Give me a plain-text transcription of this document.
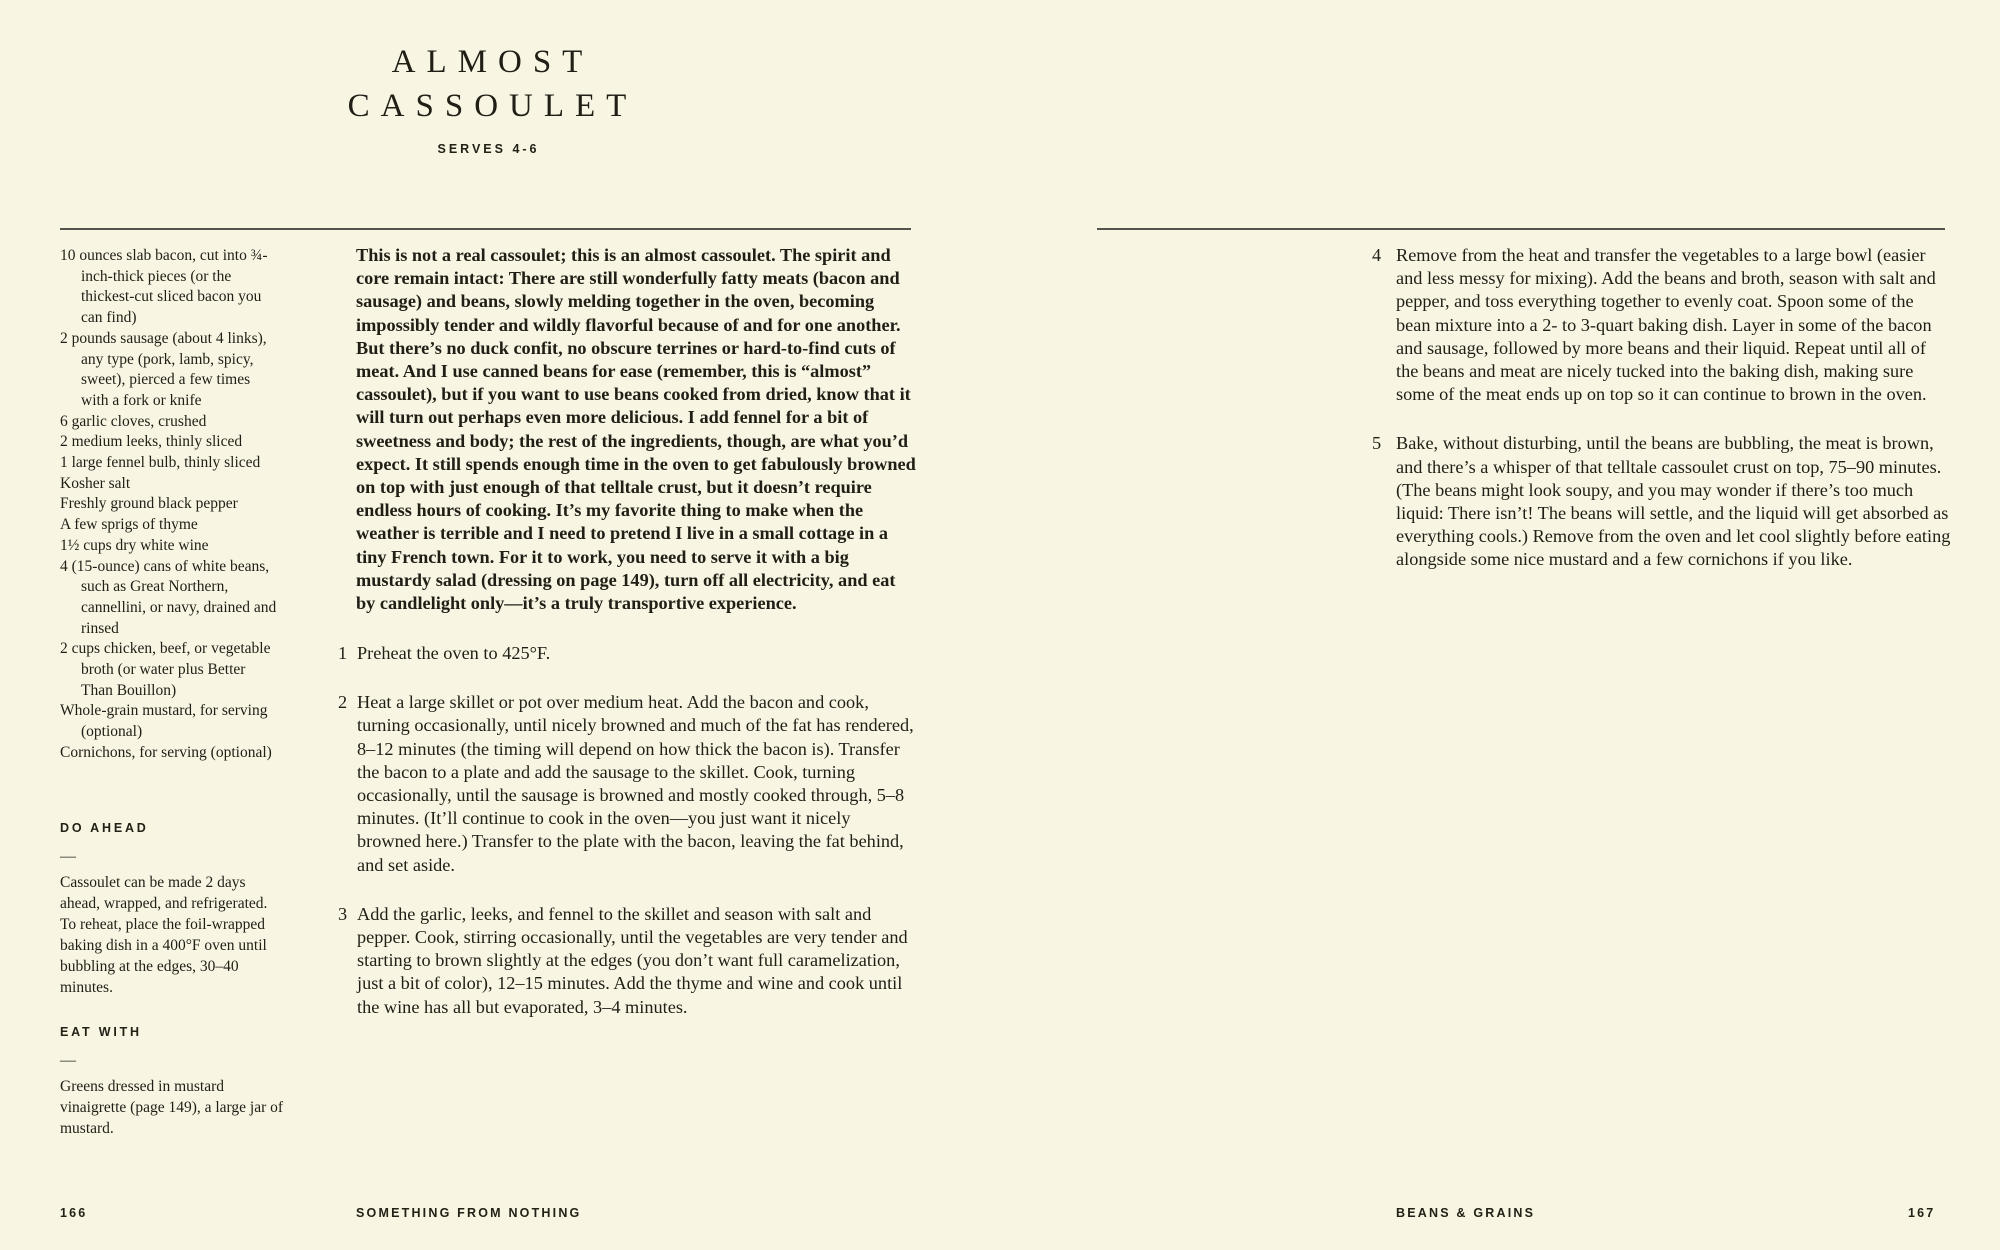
ALMOST
CASSOULET
SERVES 4-6
10 ounces slab bacon, cut into ¾-inch-thick pieces (or the thickest-cut sliced bacon you can find)
2 pounds sausage (about 4 links), any type (pork, lamb, spicy, sweet), pierced a few times with a fork or knife
6 garlic cloves, crushed
2 medium leeks, thinly sliced
1 large fennel bulb, thinly sliced
Kosher salt
Freshly ground black pepper
A few sprigs of thyme
1½ cups dry white wine
4 (15-ounce) cans of white beans, such as Great Northern, cannellini, or navy, drained and rinsed
2 cups chicken, beef, or vegetable broth (or water plus Better Than Bouillon)
Whole-grain mustard, for serving (optional)
Cornichons, for serving (optional)
DO AHEAD
—
Cassoulet can be made 2 days ahead, wrapped, and refrigerated. To reheat, place the foil-wrapped baking dish in a 400°F oven until bubbling at the edges, 30–40 minutes.
EAT WITH
—
Greens dressed in mustard vinaigrette (page 149), a large jar of mustard.

This is not a real cassoulet; this is an almost cassoulet. The spirit and core remain intact: There are still wonderfully fatty meats (bacon and sausage) and beans, slowly melding together in the oven, becoming impossibly tender and wildly flavorful because of and for one another. But there’s no duck confit, no obscure terrines or hard-to-find cuts of meat. And I use canned beans for ease (remember, this is “almost” cassoulet), but if you want to use beans cooked from dried, know that it will turn out perhaps even more delicious. I add fennel for a bit of sweetness and body; the rest of the ingredients, though, are what you’d expect. It still spends enough time in the oven to get fabulously browned on top with just enough of that telltale crust, but it doesn’t require endless hours of cooking. It’s my favorite thing to make when the weather is terrible and I need to pretend I live in a small cottage in a tiny French town. For it to work, you need to serve it with a big mustardy salad (dressing on page 149), turn off all electricity, and eat by candlelight only—it’s a truly transportive experience.

1 Preheat the oven to 425°F.

2 Heat a large skillet or pot over medium heat. Add the bacon and cook, turning occasionally, until nicely browned and much of the fat has rendered, 8–12 minutes (the timing will depend on how thick the bacon is). Transfer the bacon to a plate and add the sausage to the skillet. Cook, turning occasionally, until the sausage is browned and mostly cooked through, 5–8 minutes. (It’ll continue to cook in the oven—you just want it nicely browned here.) Transfer to the plate with the bacon, leaving the fat behind, and set aside.

3 Add the garlic, leeks, and fennel to the skillet and season with salt and pepper. Cook, stirring occasionally, until the vegetables are very tender and starting to brown slightly at the edges (you don’t want full caramelization, just a bit of color), 12–15 minutes. Add the thyme and wine and cook until the wine has all but evaporated, 3–4 minutes.

166	SOMETHING FROM NOTHING
4 Remove from the heat and transfer the vegetables to a large bowl (easier and less messy for mixing). Add the beans and broth, season with salt and pepper, and toss everything together to evenly coat. Spoon some of the bean mixture into a 2- to 3-quart baking dish. Layer in some of the bacon and sausage, followed by more beans and their liquid. Repeat until all of the beans and meat are nicely tucked into the baking dish, making sure some of the meat ends up on top so it can continue to brown in the oven.

5 Bake, without disturbing, until the beans are bubbling, the meat is brown, and there’s a whisper of that telltale cassoulet crust on top, 75–90 minutes. (The beans might look soupy, and you may wonder if there’s too much liquid: There isn’t! The beans will settle, and the liquid will get absorbed as everything cools.) Remove from the oven and let cool slightly before eating alongside some nice mustard and a few cornichons if you like.

BEANS & GRAINS	167
